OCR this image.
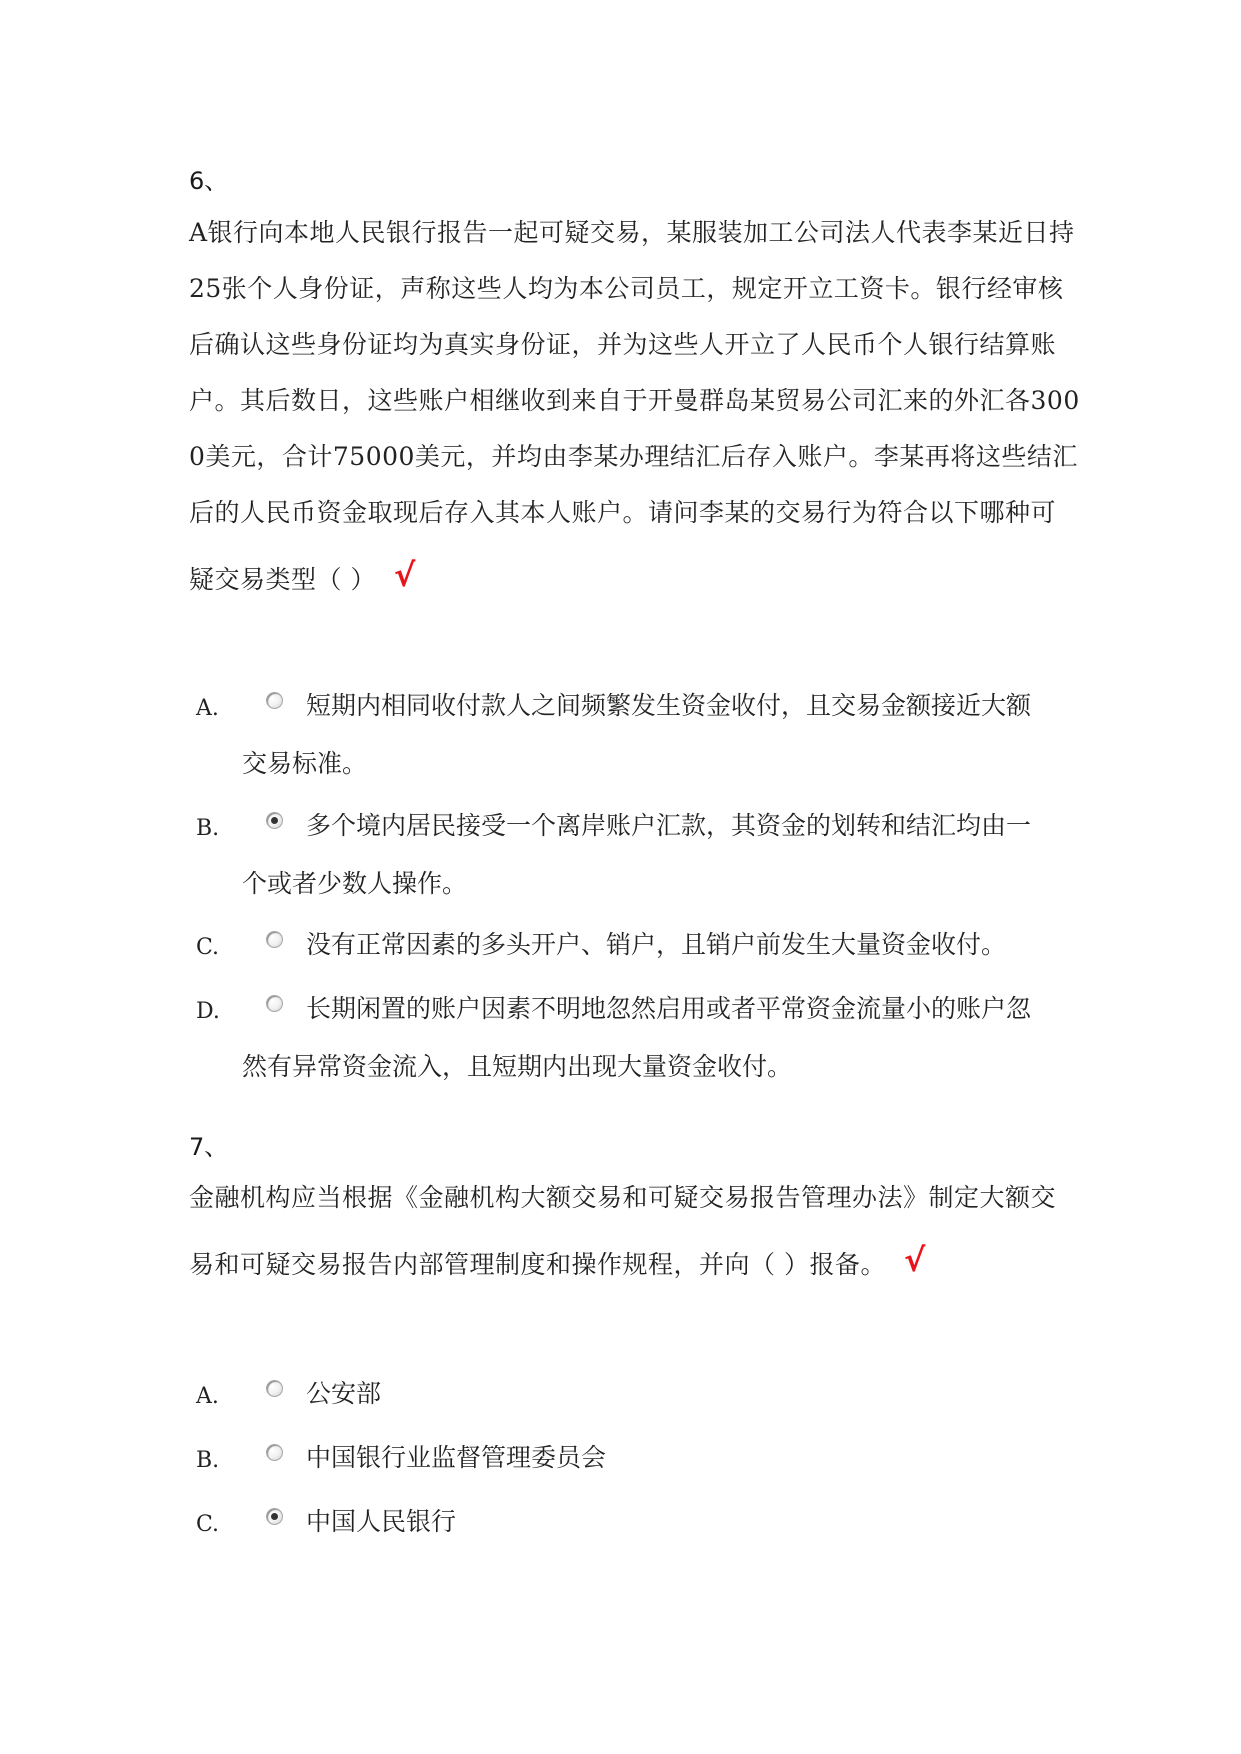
6、
A银行向本地人民银行报告一起可疑交易，某服装加工公司法人代表李某近日持
25张个人身份证，声称这些人均为本公司员工，规定开立工资卡。银行经审核
后确认这些身份证均为真实身份证，并为这些人开立了人民币个人银行结算账
户。其后数日，这些账户相继收到来自于开曼群岛某贸易公司汇来的外汇各300
0美元，合计75000美元，并均由李某办理结汇后存入账户。李某再将这些结汇
后的人民币资金取现后存入其本人账户。请问李某的交易行为符合以下哪种可
疑交易类型（ ） √
A.	短期内相同收付款人之间频繁发生资金收付，且交易金额接近大额
交易标准。
B.	多个境内居民接受一个离岸账户汇款，其资金的划转和结汇均由一
个或者少数人操作。
C.	没有正常因素的多头开户、销户，且销户前发生大量资金收付。
D.	长期闲置的账户因素不明地忽然启用或者平常资金流量小的账户忽
然有异常资金流入，且短期内出现大量资金收付。
7、
金融机构应当根据《金融机构大额交易和可疑交易报告管理办法》制定大额交
易和可疑交易报告内部管理制度和操作规程，并向（ ）报备。 √
A.	公安部
B.	中国银行业监督管理委员会
C.	中国人民银行
